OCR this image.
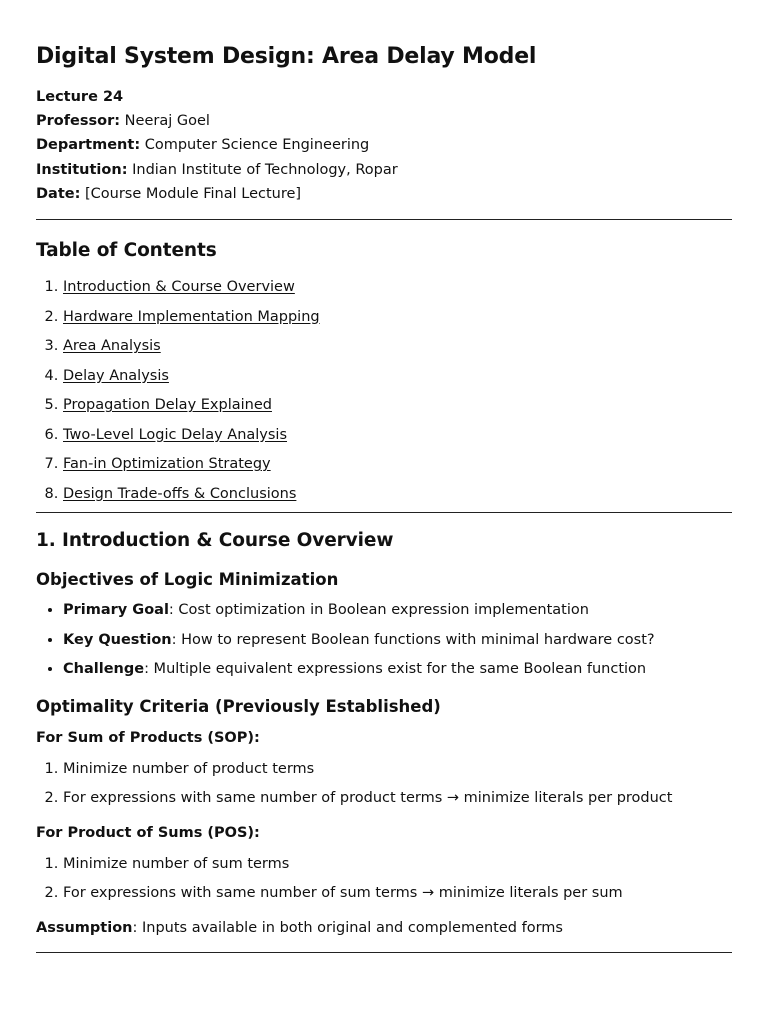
Digital System Design: Area Delay Model

Lecture 24

Professor: Neeraj Goel

Department: Computer Science Engineering

Institution: Indian Institute of Technology, Ropar

Date: [Course Module Final Lecture]

Table of Contents
1. Introduction & Course Overview
2. Hardware Implementation Mapping
3. Area Analysis
4. Delay Analysis
5. Propagation Delay Explained
6. Two-Level Logic Delay Analysis
7. Fan-in Optimization Strategy
8. Design Trade-offs & Conclusions
1. Introduction & Course Overview
Objectives of Logic Minimization
• Primary Goal: Cost optimization in Boolean expression implementation
• Key Question: How to represent Boolean functions with minimal hardware cost?
• Challenge: Multiple equivalent expressions exist for the same Boolean function
Optimality Criteria (Previously Established)
For Sum of Products (SOP):
1. Minimize number of product terms
2. For expressions with same number of product terms → minimize literals per product
For Product of Sums (POS):
1. Minimize number of sum terms
2. For expressions with same number of sum terms → minimize literals per sum

Assumption: Inputs available in both original and complemented forms
